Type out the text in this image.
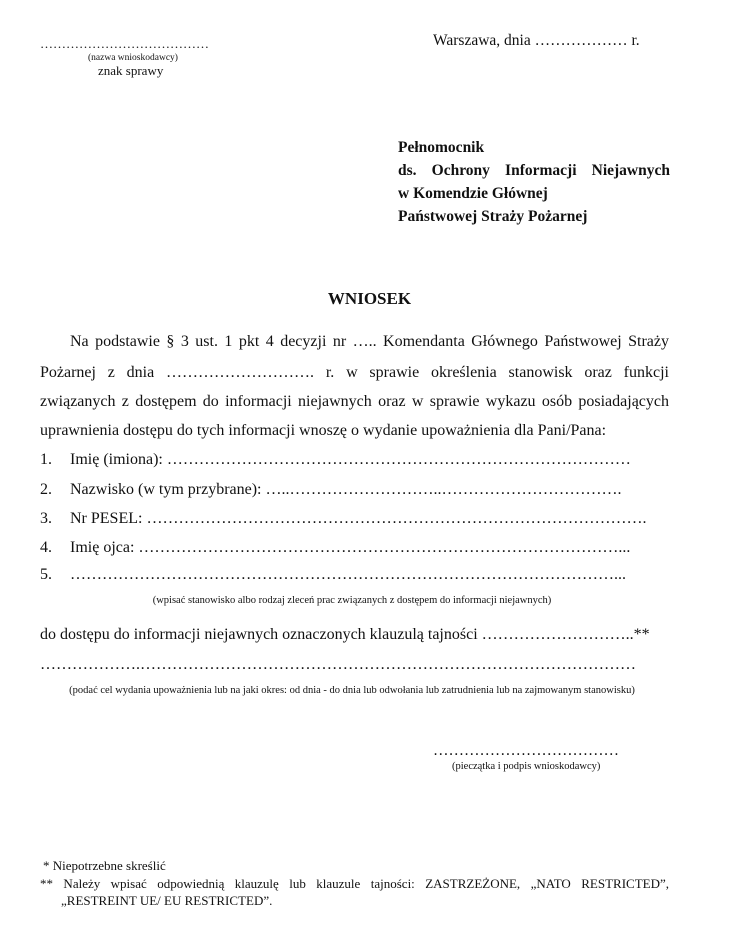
…………………………………
(nazwa wnioskodawcy)
znak sprawy
Warszawa, dnia ……………… r.
Pełnomocnik
ds. Ochrony Informacji Niejawnych
w Komendzie Głównej
Państwowej Straży Pożarnej
WNIOSEK
Na podstawie § 3 ust. 1 pkt 4 decyzji nr ….. Komendanta Głównego Państwowej Straży
Pożarnej z dnia ………………………. r. w sprawie określenia stanowisk oraz funkcji
związanych z dostępem do informacji niejawnych oraz w sprawie wykazu osób posiadających
uprawnienia dostępu do tych informacji wnoszę o wydanie upoważnienia dla Pani/Pana:
1. Imię (imiona): ……………………………………………………………………………
2. Nazwisko (w tym przybrane): …..………………………..…………………………….
3. Nr PESEL: ………………………………………………………………………………….
4. Imię ojca: ………………………………………………………………………………...
5. …………………………………………………………………………………………...
(wpisać stanowisko albo rodzaj zleceń prac związanych z dostępem do informacji niejawnych)
do dostępu do informacji niejawnych oznaczonych klauzulą tajności ………………………..**
……………….…………………………………………………………………………………
(podać cel wydania upoważnienia lub na jaki okres: od dnia - do dnia lub odwołania lub zatrudnienia lub na zajmowanym stanowisku)
………………………………
(pieczątka i podpis wnioskodawcy)
* Niepotrzebne skreślić
** Należy wpisać odpowiednią klauzulę lub klauzule tajności: ZASTRZEŻONE, „NATO RESTRICTED”,
„RESTREINT UE/ EU RESTRICTED”.
